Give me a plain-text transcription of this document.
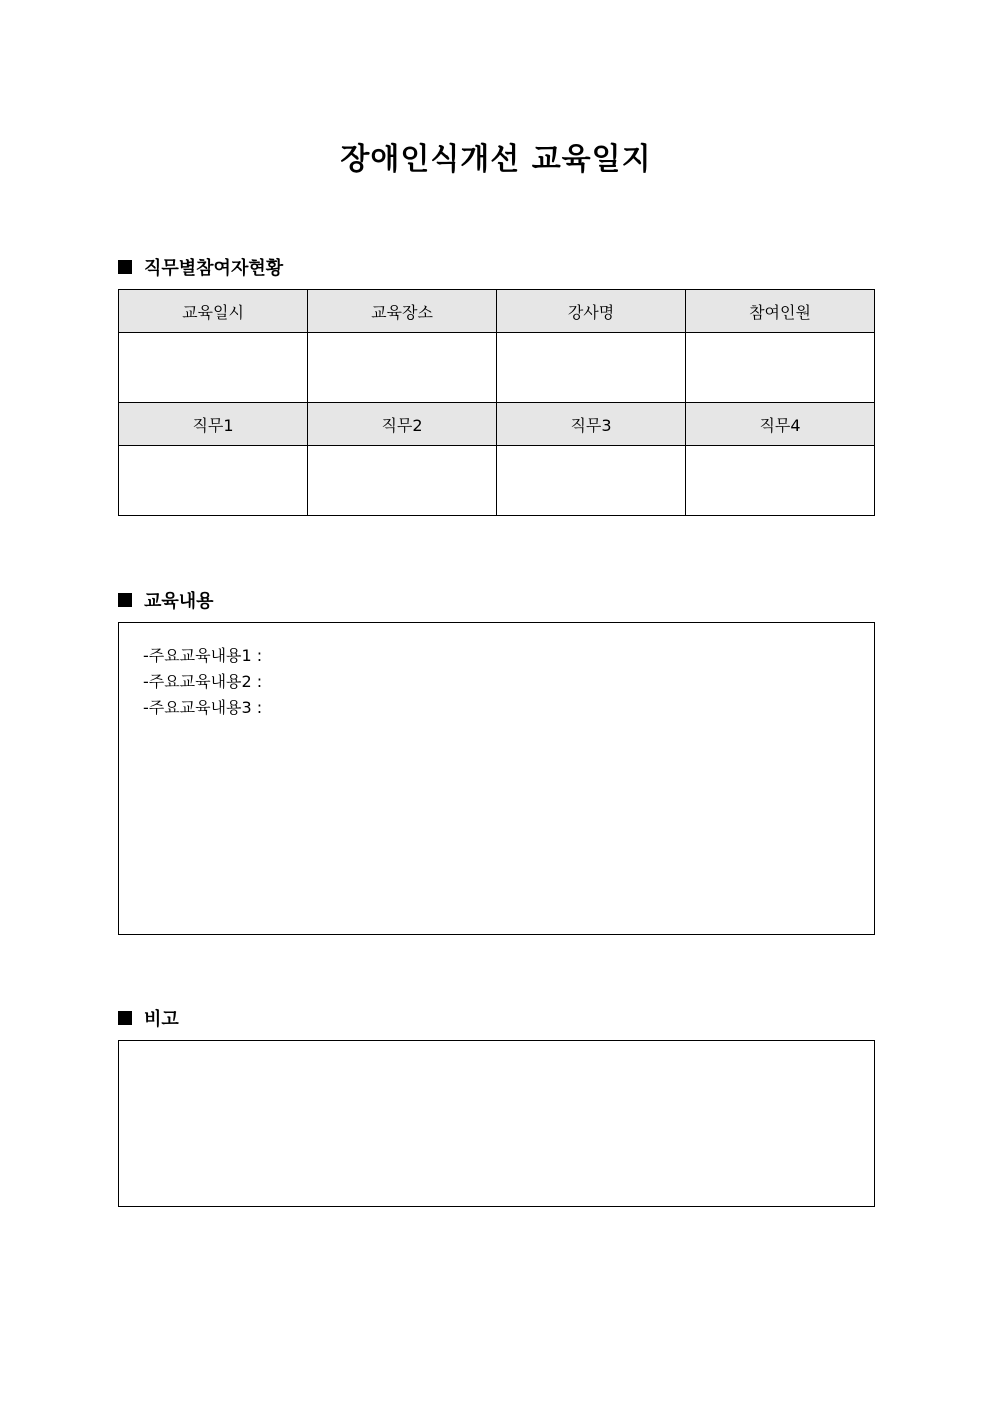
장애인식개선 교육일지
직무별참여자현황
교육일시	교육장소	강사명	참여인원

직무1	직무2	직무3	직무4

교육내용
-주요교육내용1 :
-주요교육내용2 :
-주요교육내용3 :
비고
